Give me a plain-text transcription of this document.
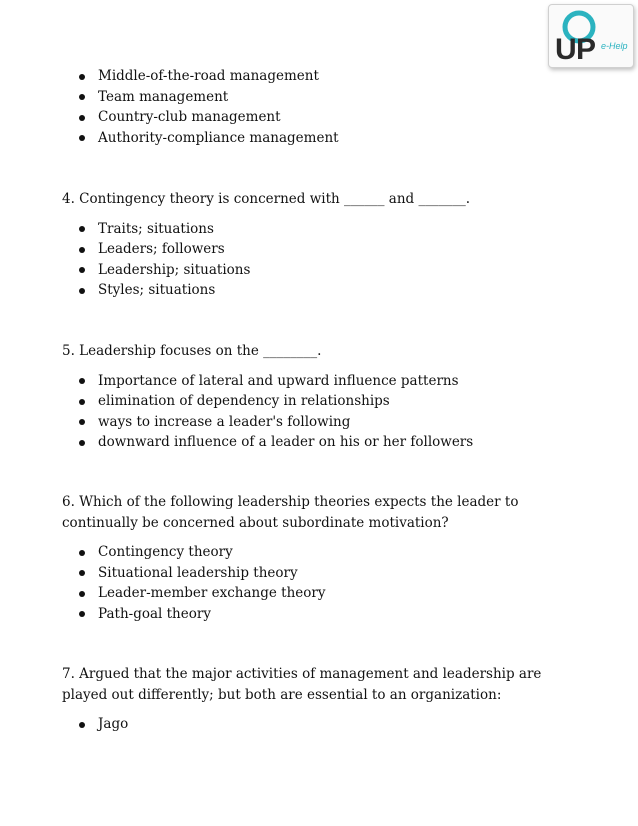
U P e-Help
Middle-of-the-road management
Team management
Country-club management
Authority-compliance management

4. Contingency theory is concerned with ______ and _______.

Traits; situations
Leaders; followers
Leadership; situations
Styles; situations

5. Leadership focuses on the ________.

Importance of lateral and upward influence patterns
elimination of dependency in relationships
ways to increase a leader's following
downward influence of a leader on his or her followers

6. Which of the following leadership theories expects the leader to continually be concerned about subordinate motivation?

Contingency theory
Situational leadership theory
Leader-member exchange theory
Path-goal theory

7. Argued that the major activities of management and leadership are played out differently; but both are essential to an organization:

Jago
